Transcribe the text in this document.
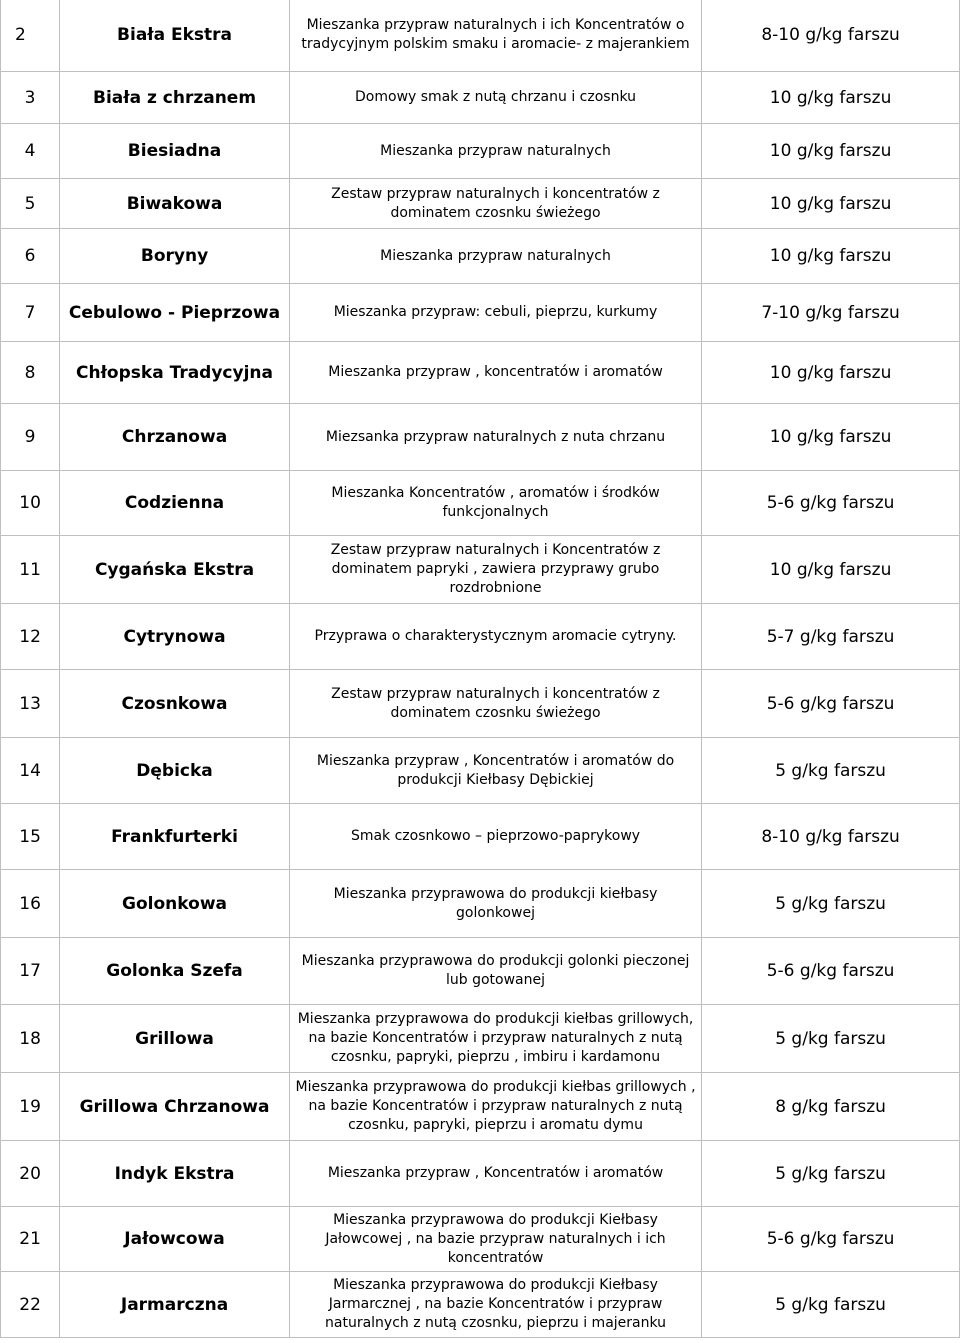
2	Biała Ekstra	Mieszanka przypraw naturalnych i ich Koncentratów o tradycyjnym polskim smaku i aromacie- z majerankiem	8-10 g/kg farszu
3	Biała z chrzanem	Domowy smak z nutą chrzanu i czosnku	10 g/kg farszu
4	Biesiadna	Mieszanka przypraw naturalnych	10 g/kg farszu
5	Biwakowa	Zestaw przypraw naturalnych i koncentratów z dominatem czosnku świeżego	10 g/kg farszu
6	Boryny	Mieszanka przypraw naturalnych	10 g/kg farszu
7	Cebulowo - Pieprzowa	Mieszanka przypraw: cebuli, pieprzu, kurkumy	7-10 g/kg farszu
8	Chłopska Tradycyjna	Mieszanka przypraw , koncentratów i aromatów	10 g/kg farszu
9	Chrzanowa	Miezsanka przypraw naturalnych z nuta chrzanu	10 g/kg farszu
10	Codzienna	Mieszanka Koncentratów , aromatów i środków funkcjonalnych	5-6 g/kg farszu
11	Cygańska Ekstra	Zestaw przypraw naturalnych i Koncentratów z dominatem papryki , zawiera przyprawy grubo rozdrobnione	10 g/kg farszu
12	Cytrynowa	Przyprawa o charakterystycznym aromacie cytryny.	5-7 g/kg farszu
13	Czosnkowa	Zestaw przypraw naturalnych i koncentratów z dominatem czosnku świeżego	5-6 g/kg farszu
14	Dębicka	Mieszanka przypraw , Koncentratów i aromatów do produkcji Kiełbasy Dębickiej	5 g/kg farszu
15	Frankfurterki	Smak czosnkowo – pieprzowo-paprykowy	8-10 g/kg farszu
16	Golonkowa	Mieszanka przyprawowa do produkcji kiełbasy golonkowej	5 g/kg farszu
17	Golonka Szefa	Mieszanka przyprawowa do produkcji golonki pieczonej lub gotowanej	5-6 g/kg farszu
18	Grillowa	Mieszanka przyprawowa do produkcji kiełbas grillowych, na bazie Koncentratów i przypraw naturalnych z nutą czosnku, papryki, pieprzu , imbiru i kardamonu	5 g/kg farszu
19	Grillowa Chrzanowa	Mieszanka przyprawowa do produkcji kiełbas grillowych , na bazie Koncentratów i przypraw naturalnych z nutą czosnku, papryki, pieprzu i aromatu dymu	8 g/kg farszu
20	Indyk Ekstra	Mieszanka przypraw , Koncentratów i aromatów	5 g/kg farszu
21	Jałowcowa	Mieszanka przyprawowa do produkcji Kiełbasy Jałowcowej , na bazie przypraw naturalnych i ich koncentratów	5-6 g/kg farszu
22	Jarmarczna	Mieszanka przyprawowa do produkcji Kiełbasy Jarmarcznej , na bazie Koncentratów i przypraw naturalnych z nutą czosnku, pieprzu i majeranku	5 g/kg farszu
